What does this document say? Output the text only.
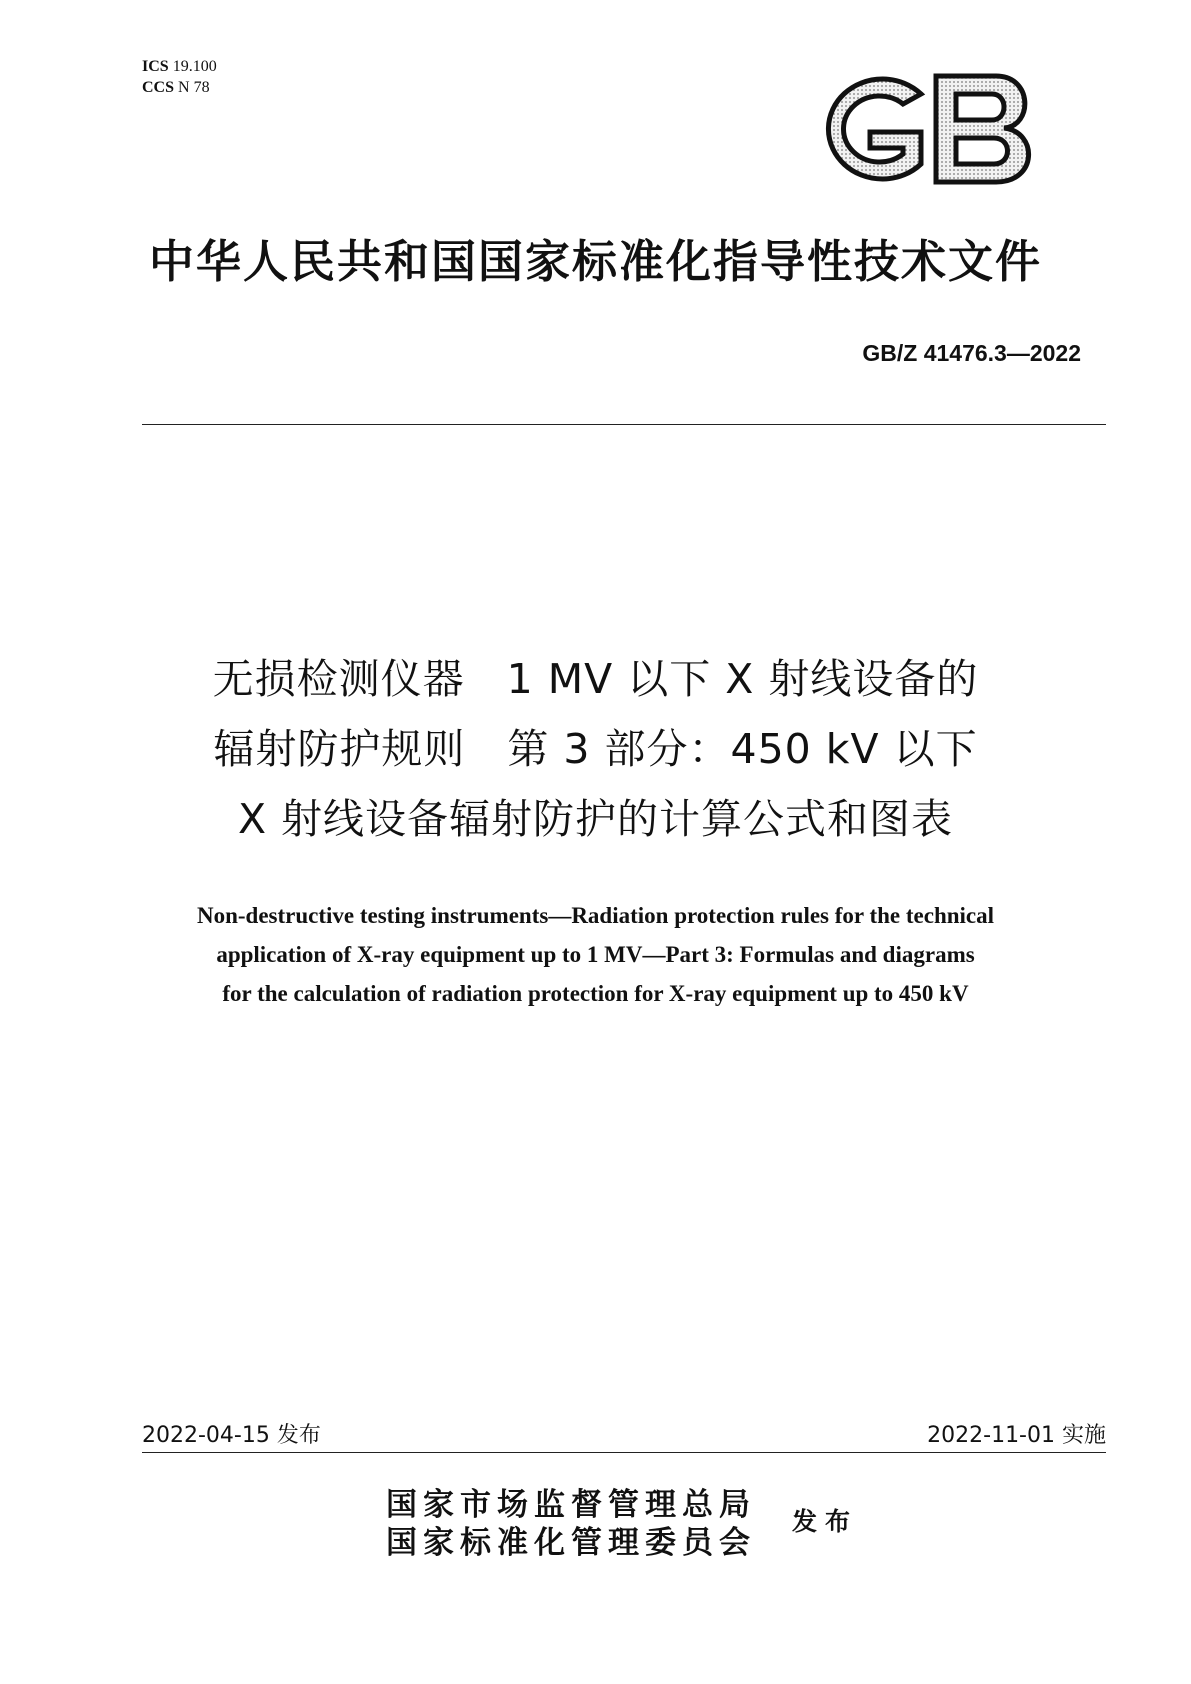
ICS 19.100
CCS N 78
中华人民共和国国家标准化指导性技术文件
GB/Z 41476.3—2022
无损检测仪器　1 MV 以下 X 射线设备的
辐射防护规则　第 3 部分：450 kV 以下
X 射线设备辐射防护的计算公式和图表
Non-destructive testing instruments—Radiation protection rules for the technical
application of X-ray equipment up to 1 MV—Part 3: Formulas and diagrams
for the calculation of radiation protection for X-ray equipment up to 450 kV
2022-04-15 发布	2022-11-01 实施
国家市场监督管理总局
国家标准化管理委员会
发布
